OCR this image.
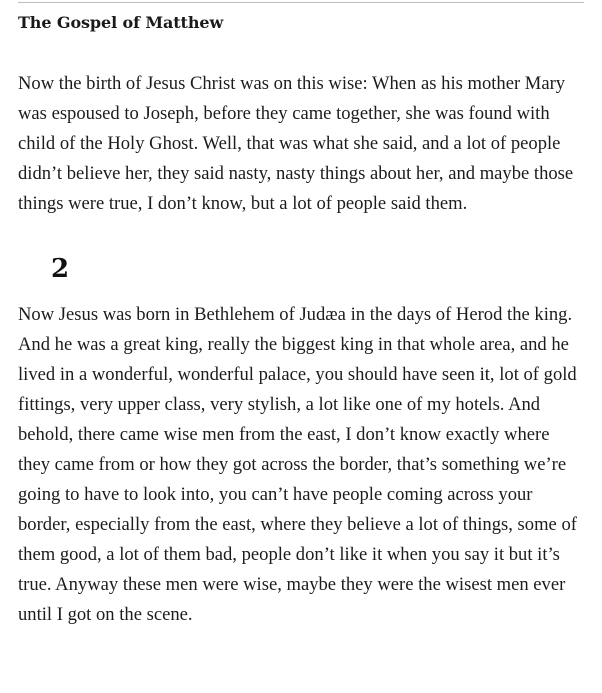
The Gospel of Matthew

Now the birth of Jesus Christ was on this wise: When as his mother Mary was espoused to Joseph, before they came together, she was found with child of the Holy Ghost. Well, that was what she said, and a lot of people didn’t believe her, they said nasty, nasty things about her, and maybe those things were true, I don’t know, but a lot of people said them.

2

Now Jesus was born in Bethlehem of Judæa in the days of Herod the king. And he was a great king, really the biggest king in that whole area, and he lived in a wonderful, wonderful palace, you should have seen it, lot of gold fittings, very upper class, very stylish, a lot like one of my hotels. And behold, there came wise men from the east, I don’t know exactly where they came from or how they got across the border, that’s something we’re going to have to look into, you can’t have people coming across your border, especially from the east, where they believe a lot of things, some of them good, a lot of them bad, people don’t like it when you say it but it’s true. Anyway these men were wise, maybe they were the wisest men ever until I got on the scene.
